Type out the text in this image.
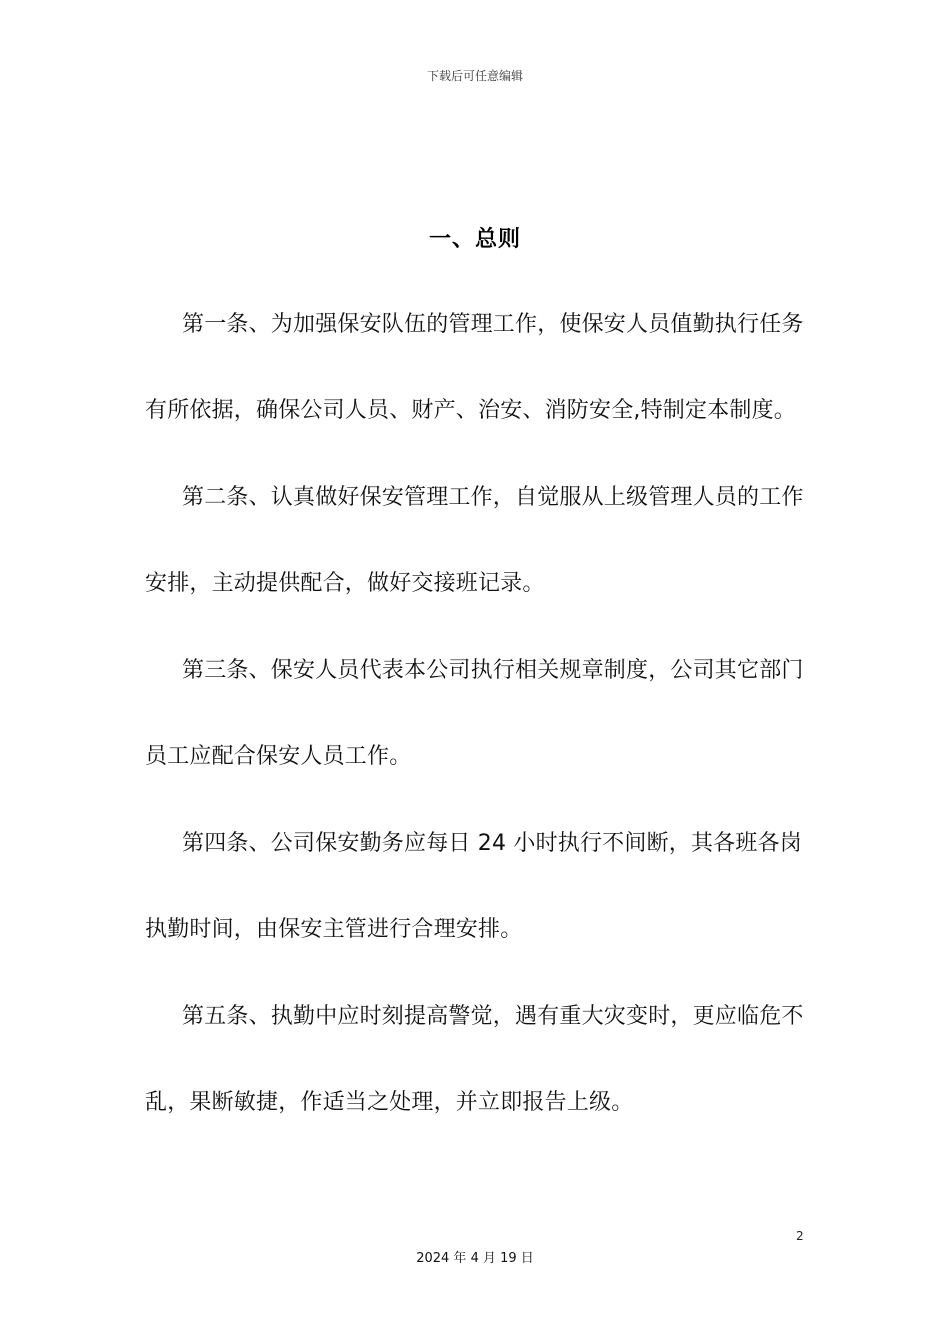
下载后可任意编辑
一、总则

第一条、为加强保安队伍的管理工作，使保安人员值勤执行任务有所依据，确保公司人员、财产、治安、消防安全,特制定本制度。

第二条、认真做好保安管理工作，自觉服从上级管理人员的工作安排，主动提供配合，做好交接班记录。

第三条、保安人员代表本公司执行相关规章制度，公司其它部门员工应配合保安人员工作。

第四条、公司保安勤务应每日 24 小时执行不间断，其各班各岗执勤时间，由保安主管进行合理安排。

第五条、执勤中应时刻提高警觉，遇有重大灾变时，更应临危不乱，果断敏捷，作适当之处理，并立即报告上级。

2
2024 年 4 月 19 日
